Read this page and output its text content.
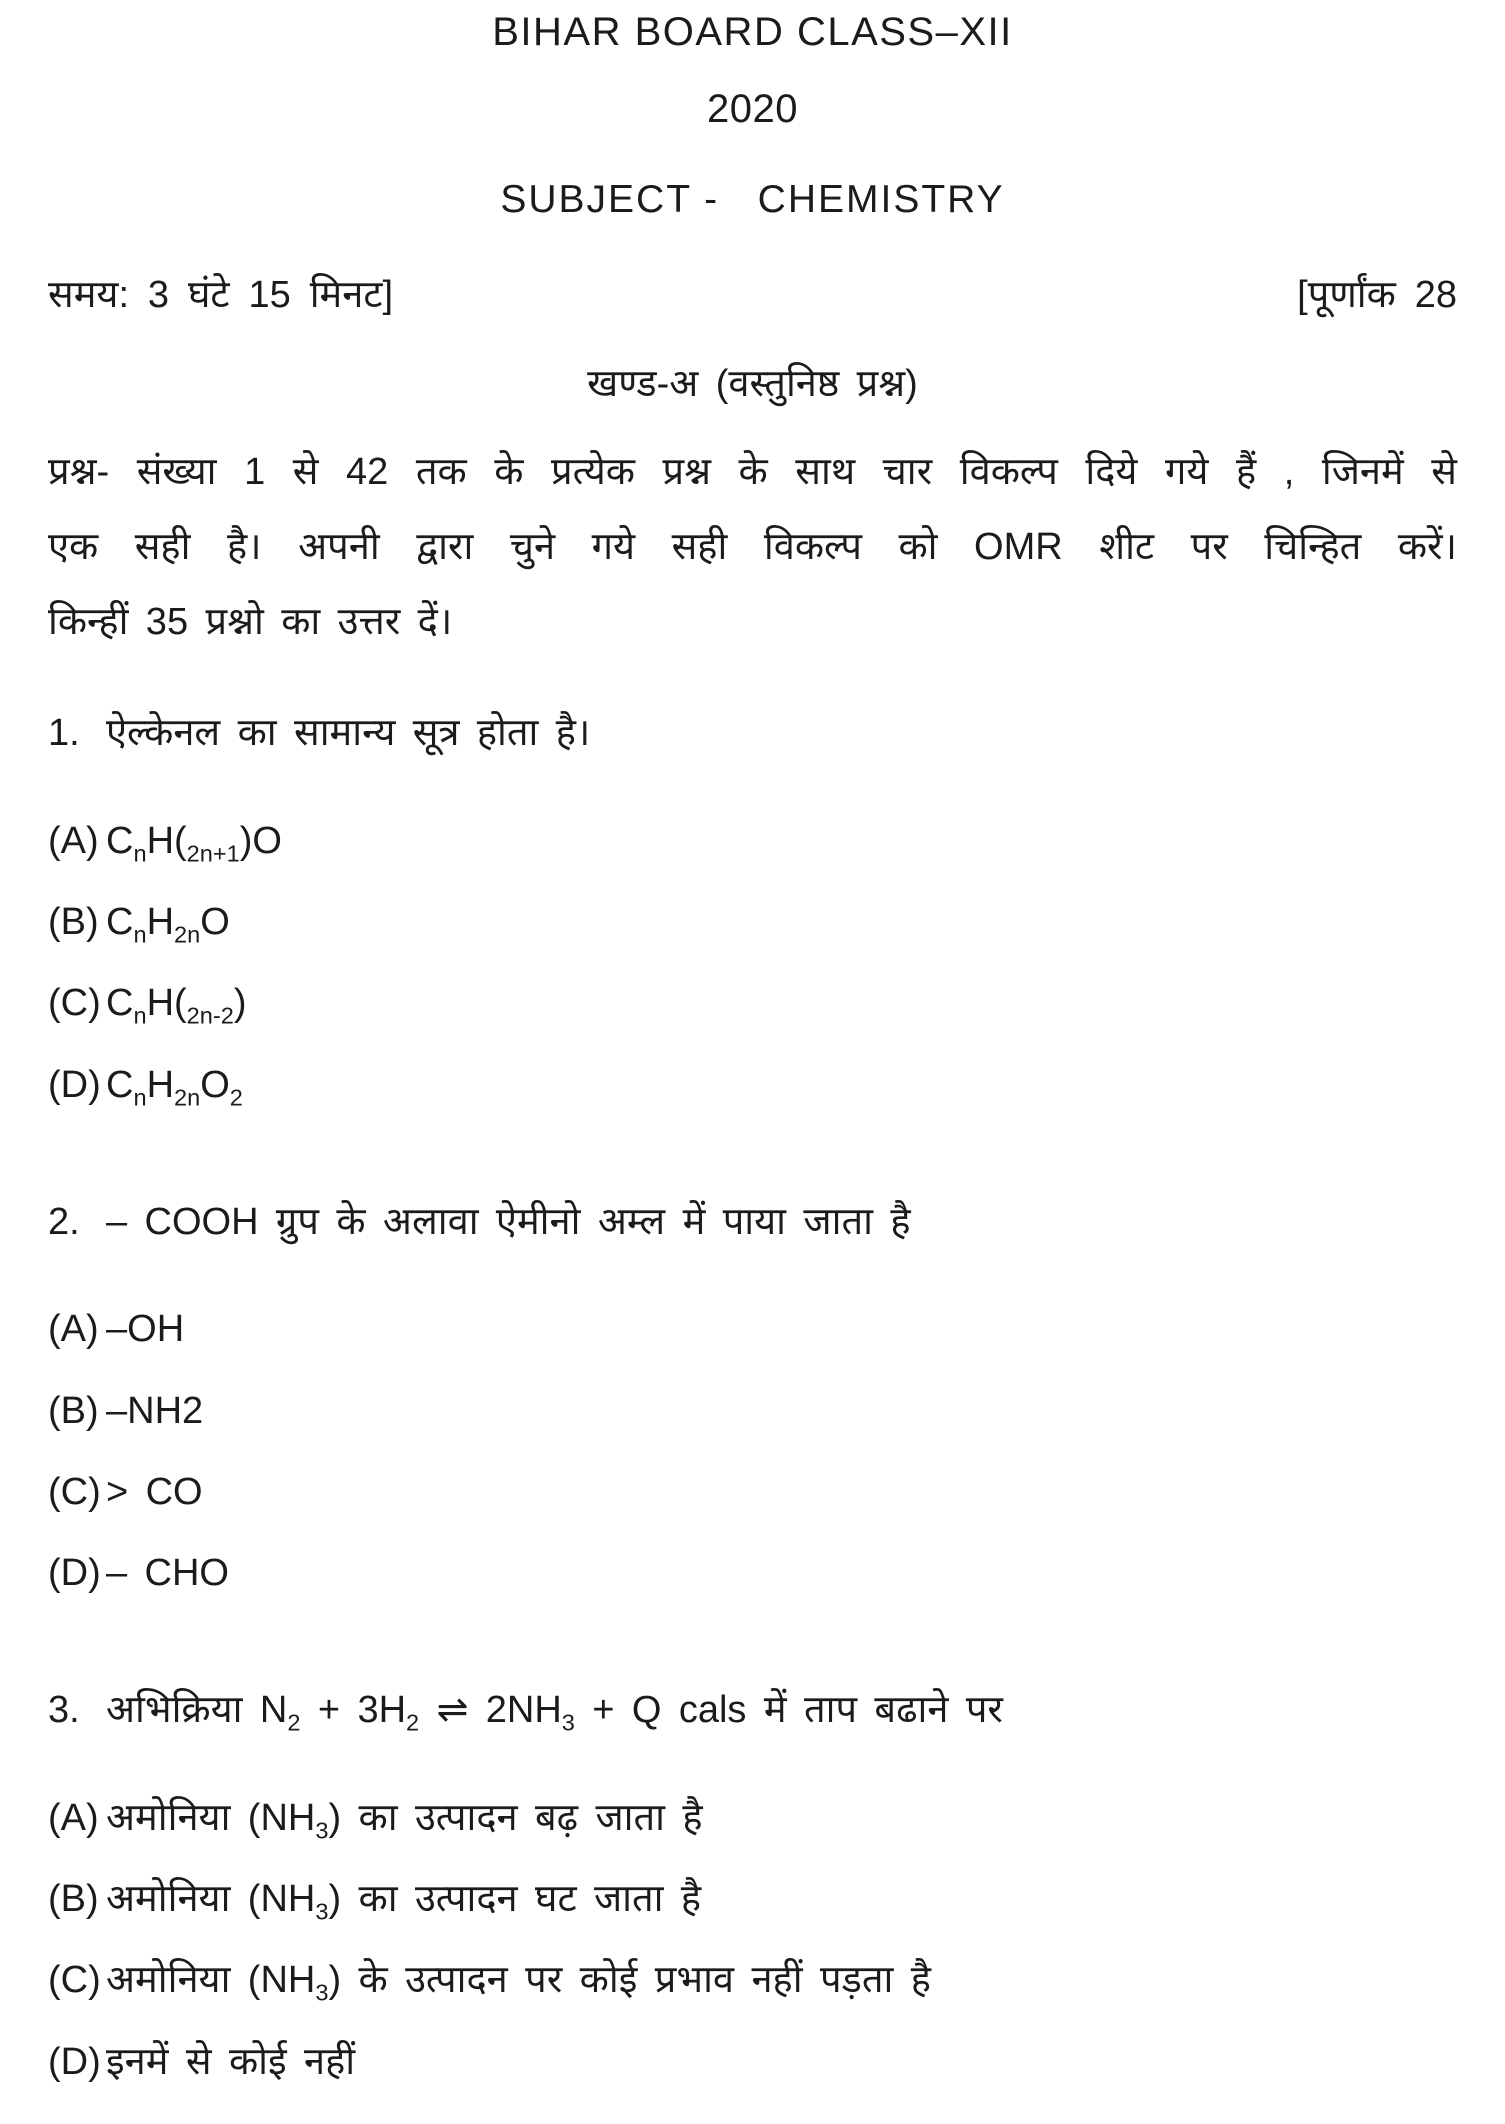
BIHAR BOARD CLASS–XII
2020
SUBJECT -   CHEMISTRY
समय: 3 घंटे 15 मिनट]	[पूर्णांक 28
खण्ड-अ (वस्तुनिष्ठ प्रश्न)
प्रश्न- संख्या 1 से 42 तक के प्रत्येक प्रश्न के साथ चार विकल्प दिये गये हैं , जिनमें से
एक सही है। अपनी द्वारा चुने गये सही विकल्प को OMR शीट पर चिन्हित करें।
किन्हीं 35 प्रश्नो का उत्तर दें।
1. ऐल्केनल का सामान्य सूत्र होता है।
(A) $C_nH(_{2n+1})O$
(B) $C_nH_{2n}O$
(C) $C_nH(_{2n-2})$
(D) $C_nH_{2n}O_2$
2. – COOH ग्रुप के अलावा ऐमीनो अम्ल में पाया जाता है
(A) –OH
(B) –NH2
(C) > CO
(D) – CHO
3. अभिक्रिया $N_2 + 3H_2$ ⇌ $2NH_3 + Q$ cals में ताप बढाने पर
(A) अमोनिया $(NH_3)$ का उत्पादन बढ़ जाता है
(B) अमोनिया $(NH_3)$ का उत्पादन घट जाता है
(C) अमोनिया $(NH_3)$ के उत्पादन पर कोई प्रभाव नहीं पड़ता है
(D) इनमें से कोई नहीं
